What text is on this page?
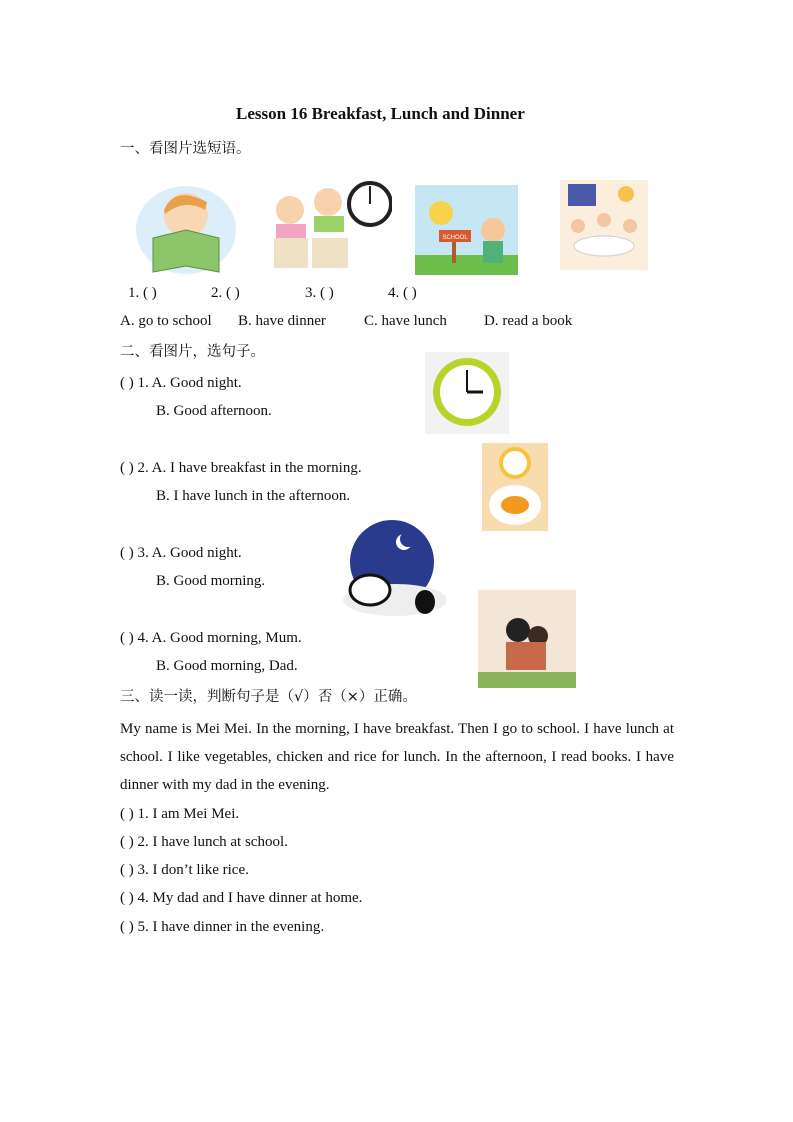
Lesson 16 Breakfast, Lunch and Dinner
一、看图片选短语。
SCHOOL
1. ( )	2. ( )	3. ( )	4. ( )
A. go to school B. have dinner	C. have lunch D. read a book
二、看图片，选句子。
( ) 1. A. Good night.
B. Good afternoon.
( ) 2. A. I have breakfast in the morning.
B. I have lunch in the afternoon.
( ) 3. A. Good night.
B. Good morning.
( ) 4. A. Good morning, Mum.
B. Good morning, Dad.
三、读一读，判断句子是（√）否（×）正确。
My name is Mei Mei. In the morning, I have breakfast. Then I go to school. I have lunch at school. I like vegetables, chicken and rice for lunch. In the afternoon, I read books. I have dinner with my dad in the evening.
( ) 1. I am Mei Mei.
( ) 2. I have lunch at school.
( ) 3. I don’t like rice.
( ) 4. My dad and I have dinner at home.
( ) 5. I have dinner in the evening.
